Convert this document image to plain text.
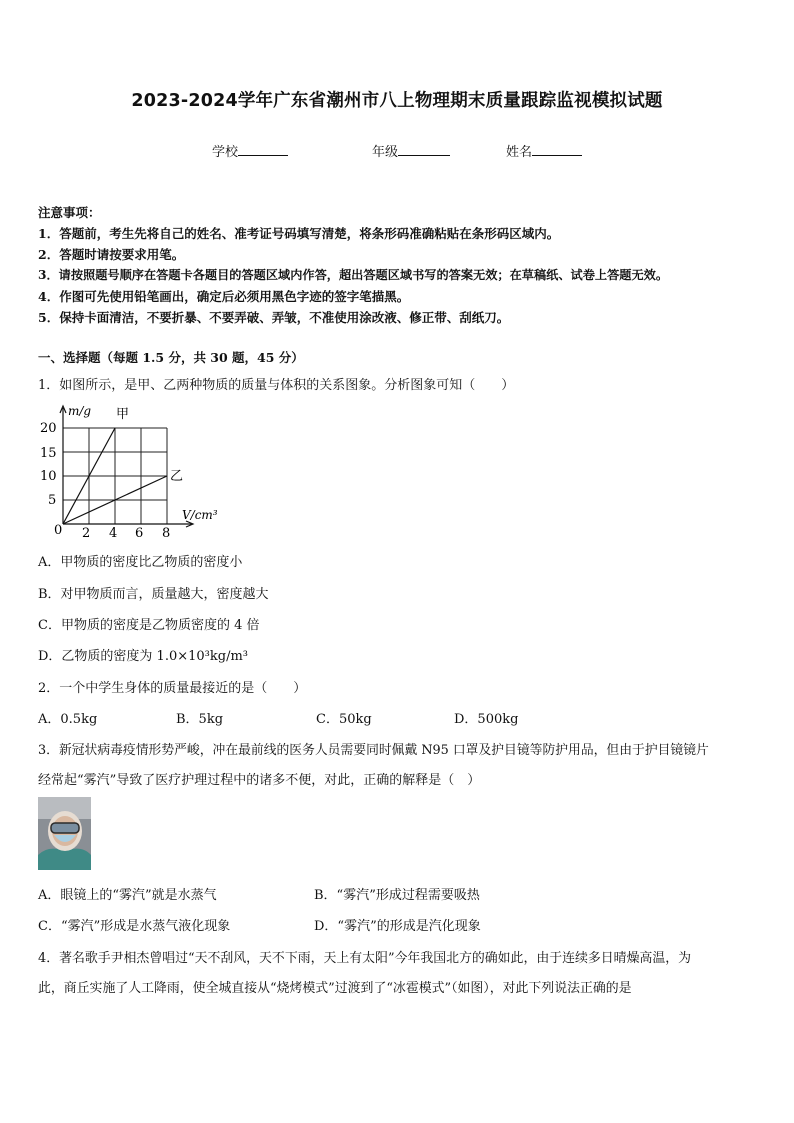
2023-2024学年广东省潮州市八上物理期末质量跟踪监视模拟试题
学校	年级	姓名
注意事项：
1．答题前，考生先将自己的姓名、准考证号码填写清楚，将条形码准确粘贴在条形码区域内。
2．答题时请按要求用笔。
3．请按照题号顺序在答题卡各题目的答题区域内作答，超出答题区域书写的答案无效；在草稿纸、试卷上答题无效。
4．作图可先使用铅笔画出，确定后必须用黑色字迹的签字笔描黑。
5．保持卡面清洁，不要折暴、不要弄破、弄皱，不准使用涂改液、修正带、刮纸刀。
一、选择题（每题 1.5 分，共 30 题，45 分）
1．如图所示，是甲、乙两种物质的质量与体积的关系图象。分析图象可知（　　）
m/g
V/cm³
20
15
10
5
0 2 4 6 8
甲
乙
A．甲物质的密度比乙物质的密度小
B．对甲物质而言，质量越大，密度越大
C．甲物质的密度是乙物质密度的 4 倍
D．乙物质的密度为 1.0×10³kg/m³
2．一个中学生身体的质量最接近的是（　　）
A．0.5kg	B．5kg	C．50kg	D．500kg
3．新冠状病毒疫情形势严峻，冲在最前线的医务人员需要同时佩戴 N95 口罩及护目镜等防护用品，但由于护目镜镜片
经常起“雾汽”导致了医疗护理过程中的诸多不便，对此，正确的解释是（　）
A．眼镜上的“雾汽”就是水蒸气	B．“雾汽”形成过程需要吸热
C．“雾汽”形成是水蒸气液化现象	D．“雾汽”的形成是汽化现象
4．著名歌手尹相杰曾唱过“天不刮风，天不下雨，天上有太阳”今年我国北方的确如此，由于连续多日晴燥高温，为
此，商丘实施了人工降雨，使全城直接从“烧烤模式”过渡到了“冰雹模式”（如图），对此下列说法正确的是
